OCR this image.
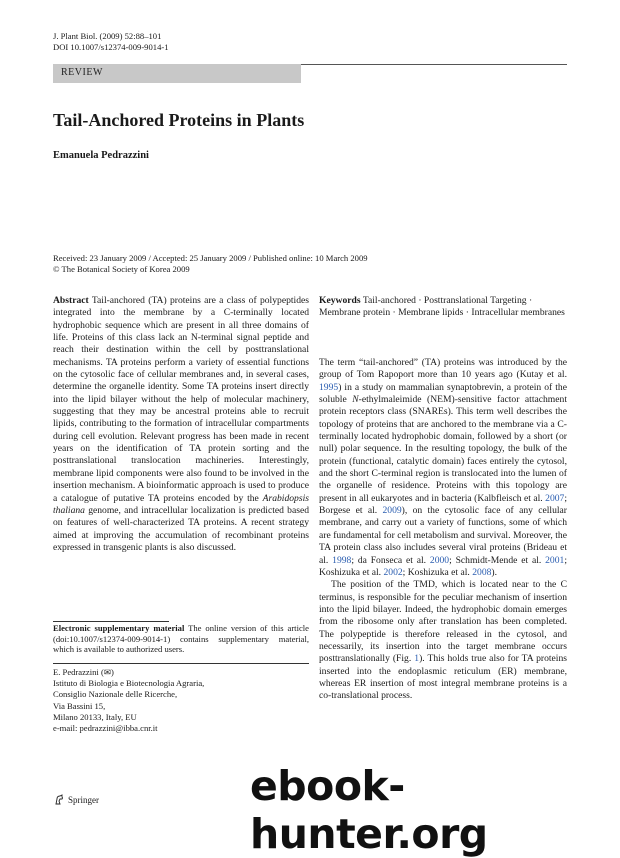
J. Plant Biol. (2009) 52:88–101
DOI 10.1007/s12374-009-9014-1
REVIEW
Tail-Anchored Proteins in Plants
Emanuela Pedrazzini
Received: 23 January 2009 / Accepted: 25 January 2009 / Published online: 10 March 2009
© The Botanical Society of Korea 2009
Abstract Tail-anchored (TA) proteins are a class of polypeptides integrated into the membrane by a C-terminally located hydrophobic sequence which are present in all three domains of life. Proteins of this class lack an N-terminal signal peptide and reach their destination within the cell by posttranslational mechanisms. TA proteins perform a variety of essential functions on the cytosolic face of cellular membranes and, in several cases, determine the organelle identity. Some TA proteins insert directly into the lipid bilayer without the help of molecular machinery, suggesting that they may be ancestral proteins able to recruit lipids, contributing to the formation of intracellular compartments during cell evolution. Relevant progress has been made in recent years on the identification of TA protein sorting and the posttranslational translocation machineries. Interestingly, membrane lipid components were also found to be involved in the insertion mechanism. A bioinformatic approach is used to produce a catalogue of putative TA proteins encoded by the Arabidopsis thaliana genome, and intracellular localization is predicted based on features of well-characterized TA proteins. A recent strategy aimed at improving the accumulation of recombinant proteins expressed in transgenic plants is also discussed.
Keywords Tail-anchored · Posttranslational Targeting · Membrane protein · Membrane lipids · Intracellular membranes

The term “tail-anchored” (TA) proteins was introduced by the group of Tom Rapoport more than 10 years ago (Kutay et al. 1995) in a study on mammalian synaptobrevin, a protein of the soluble N-ethylmaleimide (NEM)-sensitive factor attachment protein receptors class (SNAREs). This term well describes the topology of proteins that are anchored to the membrane via a C-terminally located hydrophobic domain, followed by a short (or null) polar sequence. In the resulting topology, the bulk of the protein (functional, catalytic domain) faces entirely the cytosol, and the short C-terminal region is translocated into the lumen of the organelle of residence. Proteins with this topology are present in all eukaryotes and in bacteria (Kalbfleisch et al. 2007; Borgese et al. 2009), on the cytosolic face of any cellular membrane, and carry out a variety of functions, some of which are fundamental for cell metabolism and survival. Moreover, the TA protein class also includes several viral proteins (Brideau et al. 1998; da Fonseca et al. 2000; Schmidt-Mende et al. 2001; Koshizuka et al. 2002; Koshizuka et al. 2008).

The position of the TMD, which is located near to the C terminus, is responsible for the peculiar mechanism of insertion into the lipid bilayer. Indeed, the hydrophobic domain emerges from the ribosome only after translation has been completed. The polypeptide is therefore released in the cytosol, and necessarily, its insertion into the target membrane occurs posttranslationally (Fig. 1). This holds true also for TA proteins inserted into the endoplasmic reticulum (ER) membrane, whereas ER insertion of most integral membrane proteins is a co-translational process.

Electronic supplementary material The online version of this article (doi:10.1007/s12374-009-9014-1) contains supplementary material, which is available to authorized users.
E. Pedrazzini (✉)
Istituto di Biologia e Biotecnologia Agraria,
Consiglio Nazionale delle Ricerche,
Via Bassini 15,
Milano 20133, Italy, EU
e-mail: pedrazzini@ibba.cnr.it
Springer	ebook-hunter.org
